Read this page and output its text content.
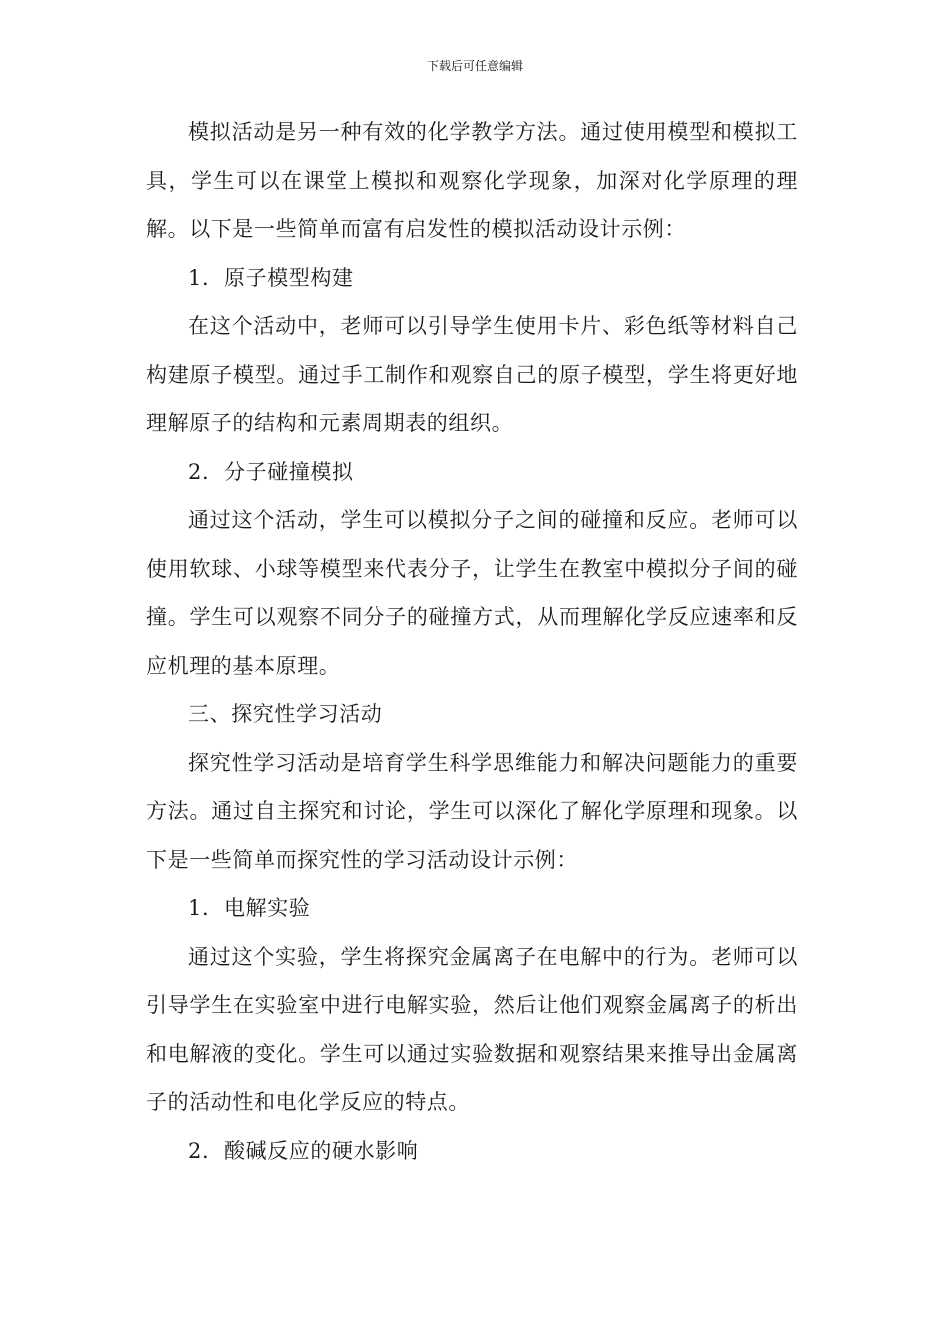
下载后可任意编辑

模拟活动是另一种有效的化学教学方法。通过使用模型和模拟工具，学生可以在课堂上模拟和观察化学现象，加深对化学原理的理解。以下是一些简单而富有启发性的模拟活动设计示例：

1. 原子模型构建

在这个活动中，老师可以引导学生使用卡片、彩色纸等材料自己构建原子模型。通过手工制作和观察自己的原子模型，学生将更好地理解原子的结构和元素周期表的组织。

2. 分子碰撞模拟

通过这个活动，学生可以模拟分子之间的碰撞和反应。老师可以使用软球、小球等模型来代表分子，让学生在教室中模拟分子间的碰撞。学生可以观察不同分子的碰撞方式，从而理解化学反应速率和反应机理的基本原理。

三、探究性学习活动

探究性学习活动是培育学生科学思维能力和解决问题能力的重要方法。通过自主探究和讨论，学生可以深化了解化学原理和现象。以下是一些简单而探究性的学习活动设计示例：

1. 电解实验

通过这个实验，学生将探究金属离子在电解中的行为。老师可以引导学生在实验室中进行电解实验，然后让他们观察金属离子的析出和电解液的变化。学生可以通过实验数据和观察结果来推导出金属离子的活动性和电化学反应的特点。

2. 酸碱反应的硬水影响
